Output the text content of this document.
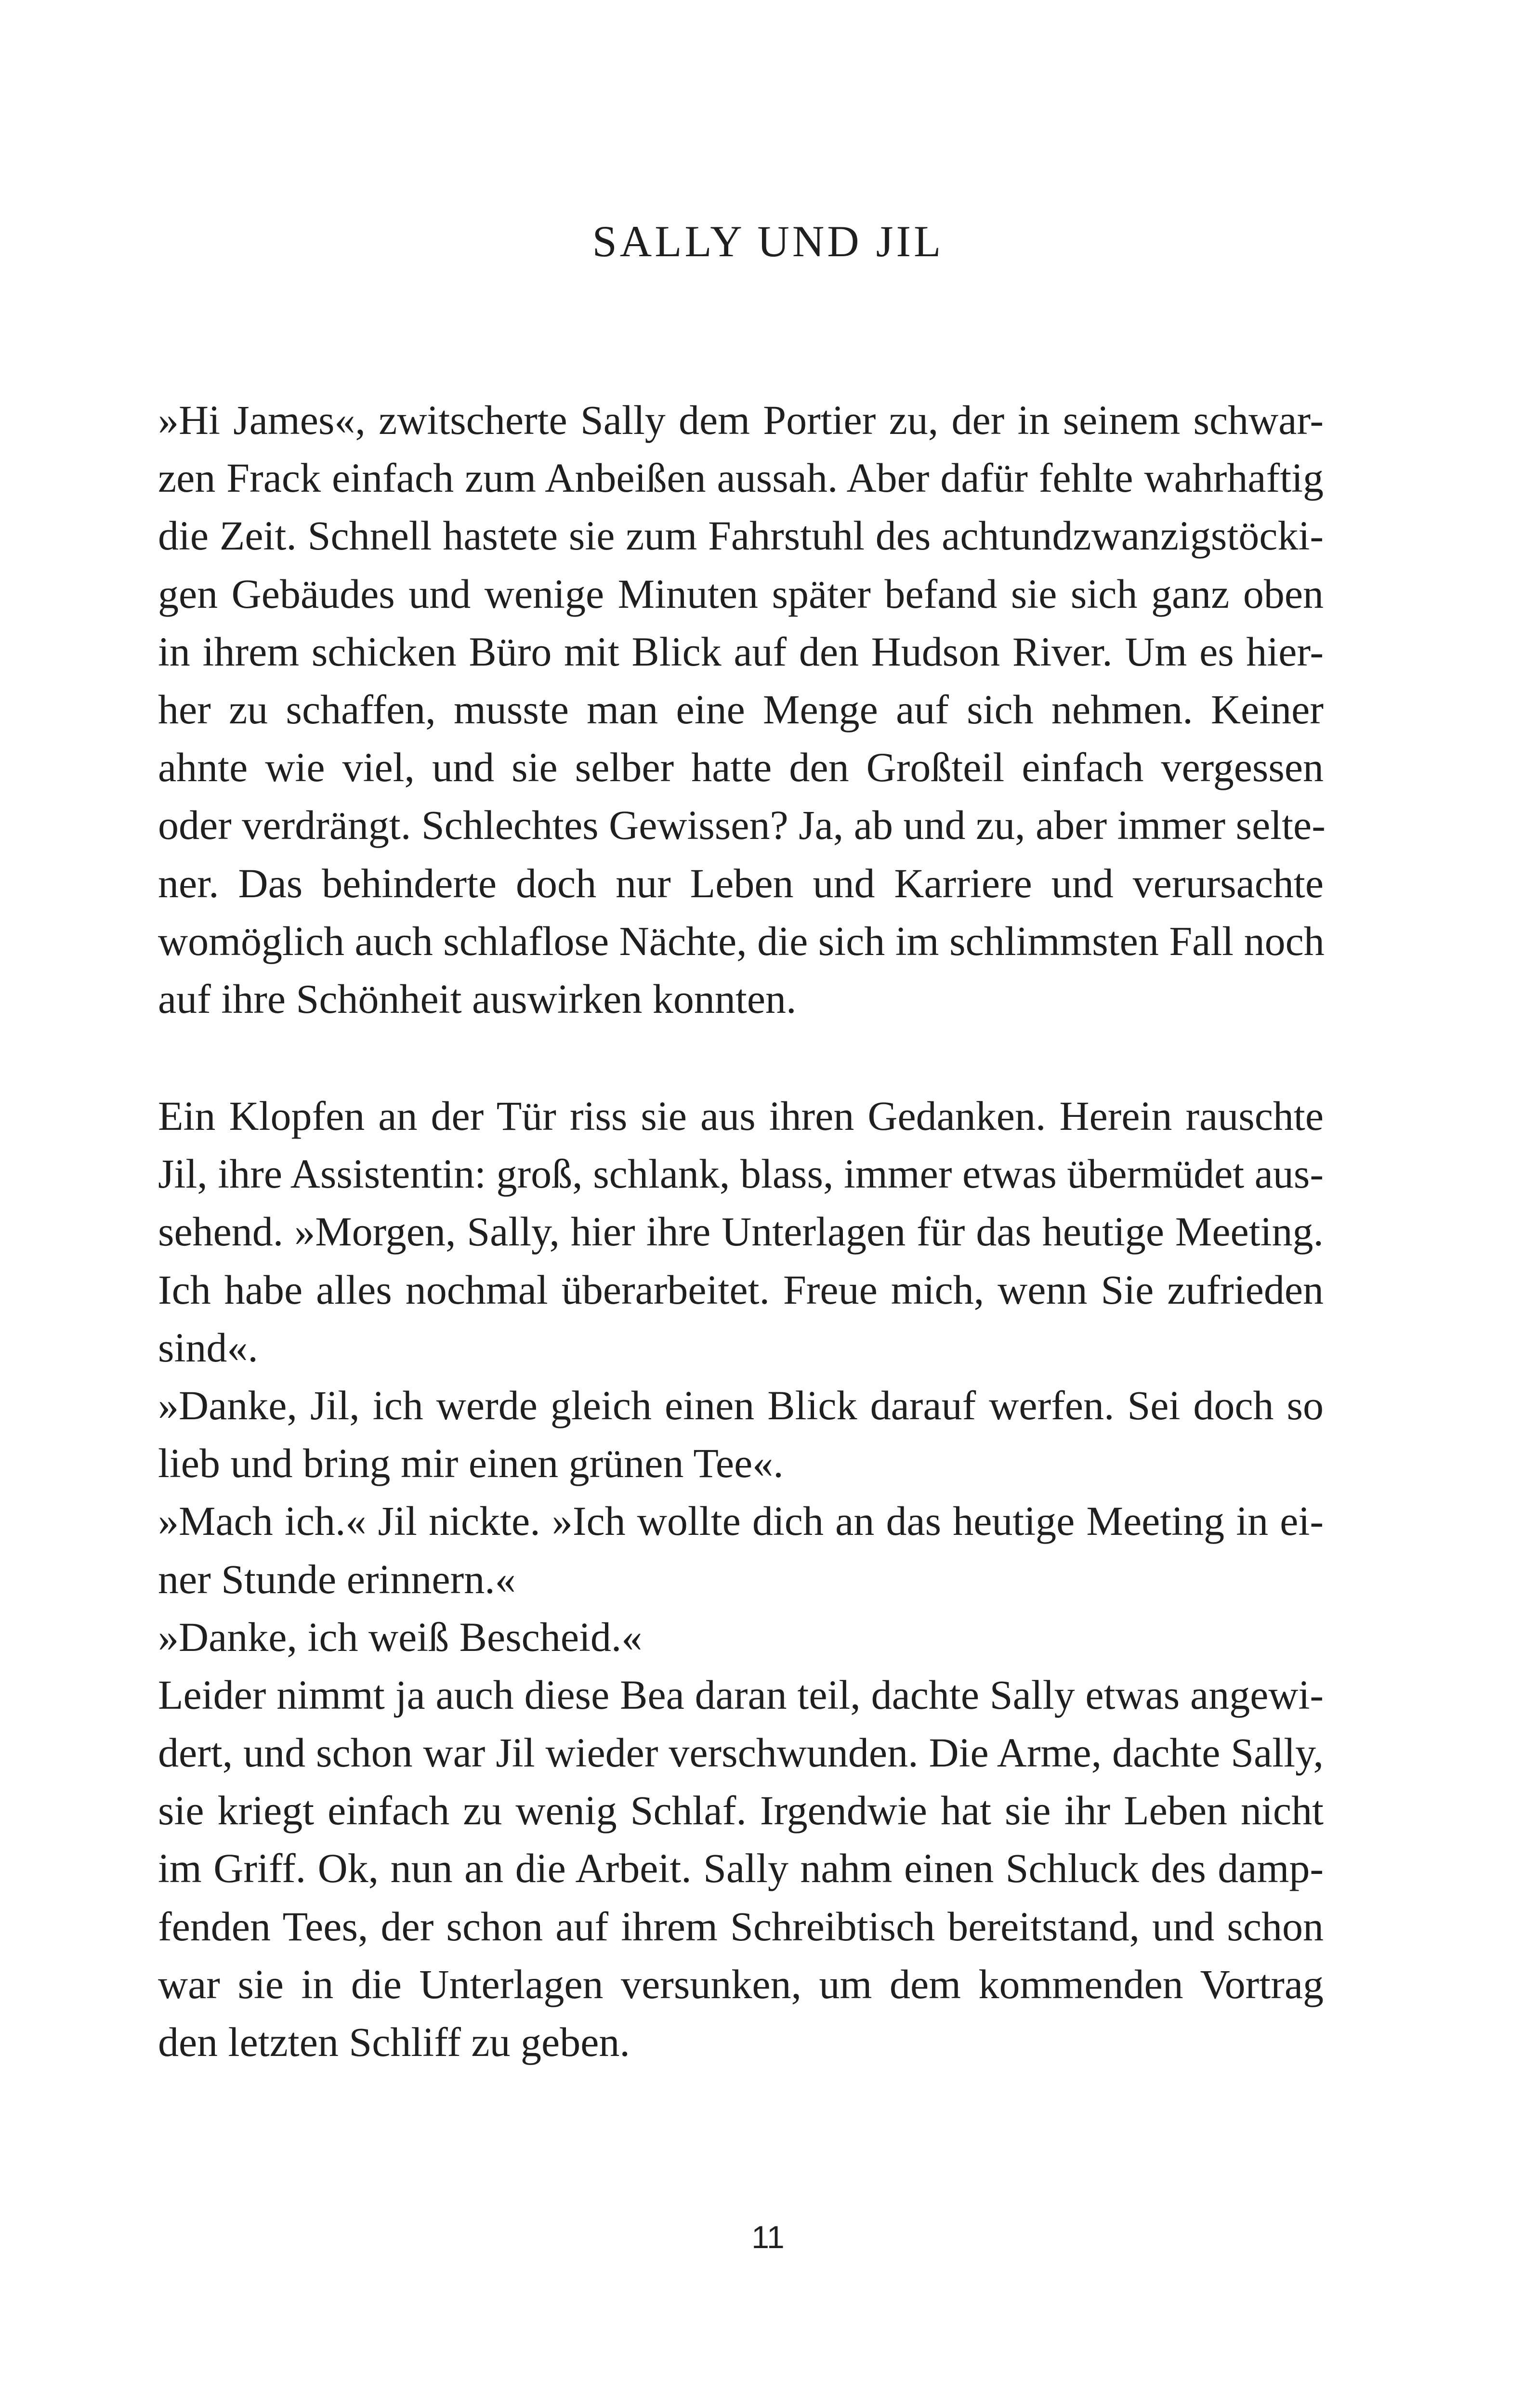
SALLY UND JIL
»Hi James«, zwitscherte Sally dem Portier zu, der in seinem schwar-
zen Frack einfach zum Anbeißen aussah. Aber dafür fehlte wahrhaftig
die Zeit. Schnell hastete sie zum Fahrstuhl des achtundzwanzigstöcki-
gen Gebäudes und wenige Minuten später befand sie sich ganz oben
in ihrem schicken Büro mit Blick auf den Hudson River. Um es hier-
her zu schaffen, musste man eine Menge auf sich nehmen. Keiner
ahnte wie viel, und sie selber hatte den Großteil einfach vergessen
oder verdrängt. Schlechtes Gewissen? Ja, ab und zu, aber immer selte-
ner. Das behinderte doch nur Leben und Karriere und verursachte
womöglich auch schlaflose Nächte, die sich im schlimmsten Fall noch
auf ihre Schönheit auswirken konnten.
Ein Klopfen an der Tür riss sie aus ihren Gedanken. Herein rauschte
Jil, ihre Assistentin: groß, schlank, blass, immer etwas übermüdet aus-
sehend. »Morgen, Sally, hier ihre Unterlagen für das heutige Meeting.
Ich habe alles nochmal überarbeitet. Freue mich, wenn Sie zufrieden
sind«.
»Danke, Jil, ich werde gleich einen Blick darauf werfen. Sei doch so
lieb und bring mir einen grünen Tee«.
»Mach ich.« Jil nickte. »Ich wollte dich an das heutige Meeting in ei-
ner Stunde erinnern.«
»Danke, ich weiß Bescheid.«
Leider nimmt ja auch diese Bea daran teil, dachte Sally etwas angewi-
dert, und schon war Jil wieder verschwunden. Die Arme, dachte Sally,
sie kriegt einfach zu wenig Schlaf. Irgendwie hat sie ihr Leben nicht
im Griff. Ok, nun an die Arbeit. Sally nahm einen Schluck des damp-
fenden Tees, der schon auf ihrem Schreibtisch bereitstand, und schon
war sie in die Unterlagen versunken, um dem kommenden Vortrag
den letzten Schliff zu geben.
11
